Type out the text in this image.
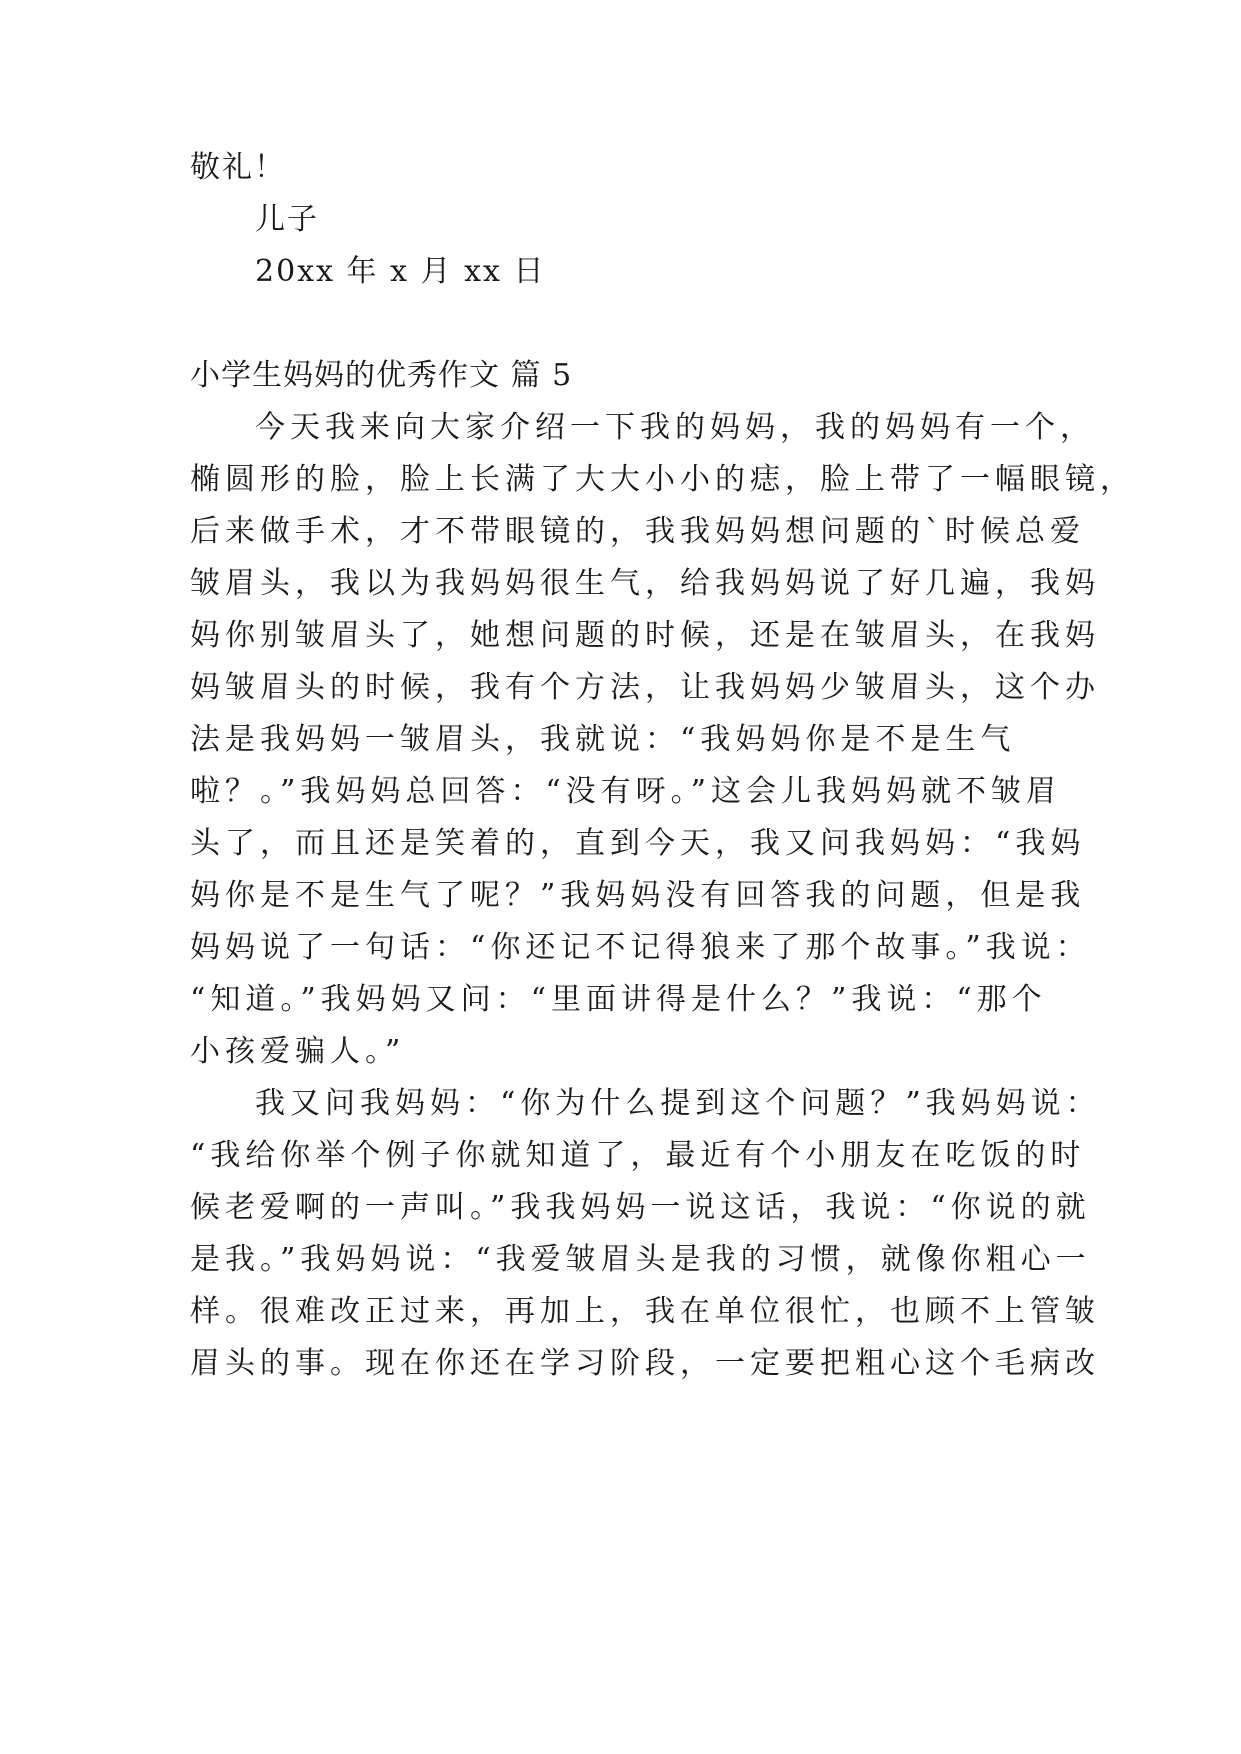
敬礼！
儿子
20xx 年 x 月 xx 日
小学生妈妈的优秀作文 篇 5
今天我来向大家介绍一下我的妈妈，我的妈妈有一个，
椭圆形的脸，脸上长满了大大小小的痣，脸上带了一幅眼镜，
后来做手术，才不带眼镜的，我我妈妈想问题的`时候总爱
皱眉头，我以为我妈妈很生气，给我妈妈说了好几遍，我妈
妈你别皱眉头了，她想问题的时候，还是在皱眉头，在我妈
妈皱眉头的时候，我有个方法，让我妈妈少皱眉头，这个办
法是我妈妈一皱眉头，我就说：“我妈妈你是不是生气
啦？。”我妈妈总回答：“没有呀。”这会儿我妈妈就不皱眉
头了，而且还是笑着的，直到今天，我又问我妈妈：“我妈
妈你是不是生气了呢？”我妈妈没有回答我的问题，但是我
妈妈说了一句话：“你还记不记得狼来了那个故事。”我说：
“知道。”我妈妈又问：“里面讲得是什么？”我说：“那个
小孩爱骗人。”
我又问我妈妈：“你为什么提到这个问题？”我妈妈说：
“我给你举个例子你就知道了，最近有个小朋友在吃饭的时
候老爱啊的一声叫。”我我妈妈一说这话，我说：“你说的就
是我。”我妈妈说：“我爱皱眉头是我的习惯，就像你粗心一
样。很难改正过来，再加上，我在单位很忙，也顾不上管皱
眉头的事。现在你还在学习阶段，一定要把粗心这个毛病改
